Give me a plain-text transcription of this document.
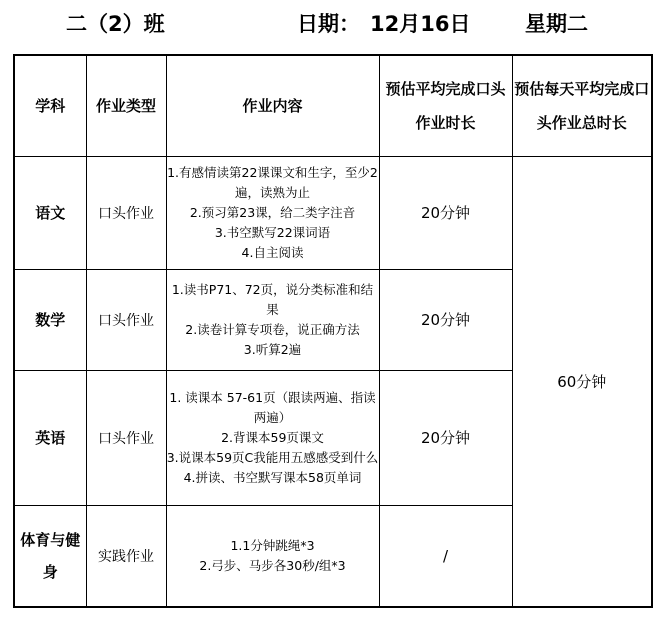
二（2）班	日期： 12月16日	星期二
学科	作业类型	作业内容	预估平均完成口头作业时长	预估每天平均完成口头作业总时长
语文	口头作业	1.有感情读第22课课文和生字，至少2遍，读熟为止
2.预习第23课，给二类字注音
3.书空默写22课词语
4.自主阅读	20分钟	60分钟
数学	口头作业	1.读书P71、72页，说分类标准和结果
2.读卷计算专项卷，说正确方法
3.听算2遍	20分钟	
英语	口头作业	1. 读课本 57-61页（跟读两遍、指读两遍）
2.背课本59页课文
3.说课本59页C我能用五感感受到什么
4.拼读、书空默写课本58页单词	20分钟	
体育与健身	实践作业	1.1分钟跳绳*3
2.弓步、马步各30秒/组*3	/	
